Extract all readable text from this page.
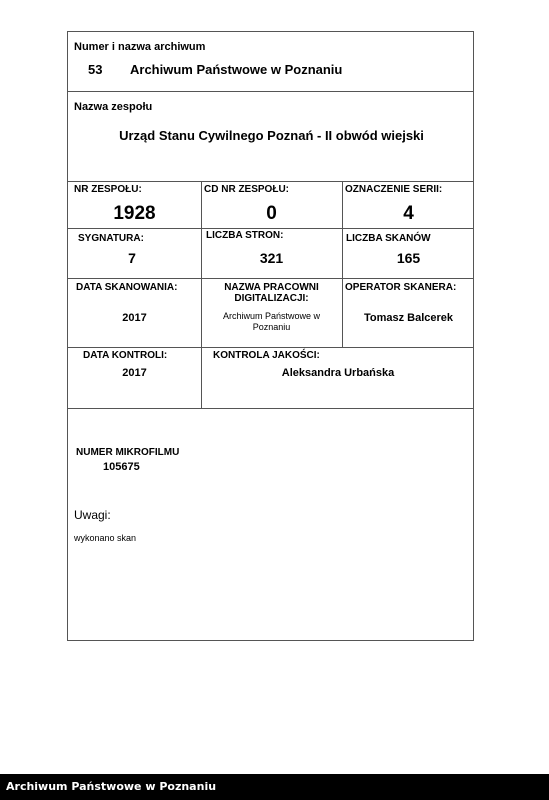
Numer i nazwa archiwum
53 Archiwum Państwowe w Poznaniu
Nazwa zespołu
Urząd Stanu Cywilnego Poznań - II obwód wiejski
NR ZESPOŁU:
1928
CD NR ZESPOŁU:
0
OZNACZENIE SERII:
4
SYGNATURA:
7
LICZBA STRON:
321
LICZBA SKANÓW
165
DATA SKANOWANIA:
2017
NAZWA PRACOWNI
DIGITALIZACJI:
Archiwum Państwowe w
Poznaniu
OPERATOR SKANERA:
Tomasz Balcerek
DATA KONTROLI:
2017
KONTROLA JAKOŚCI:
Aleksandra Urbańska
NUMER MIKROFILMU
105675
Uwagi:
wykonano skan
Archiwum Państwowe w Poznaniu
